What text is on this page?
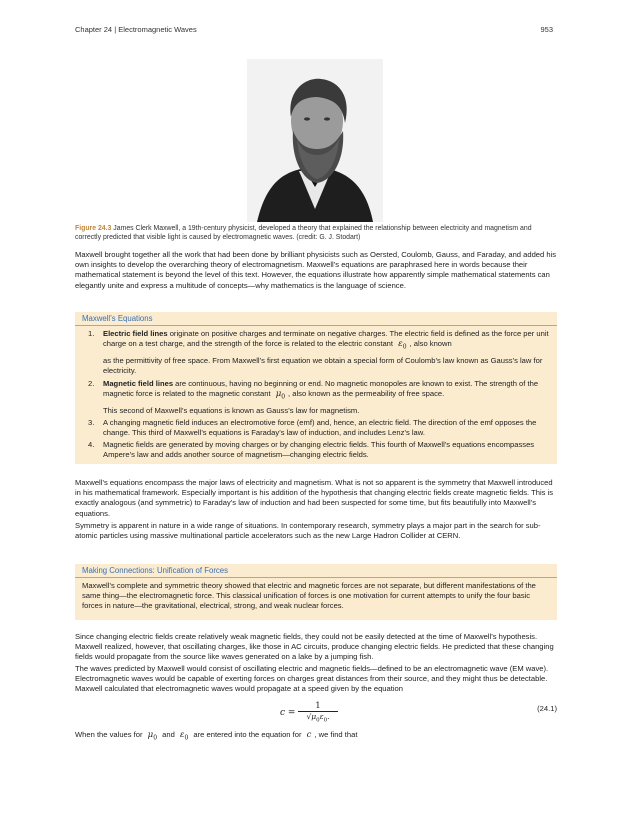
Chapter 24 | Electromagnetic Waves	953
Figure 24.3 James Clerk Maxwell, a 19th-century physicist, developed a theory that explained the relationship between electricity and magnetism and correctly predicted that visible light is caused by electromagnetic waves. (credit: G. J. Stodart)
Maxwell brought together all the work that had been done by brilliant physicists such as Oersted, Coulomb, Gauss, and Faraday, and added his own insights to develop the overarching theory of electromagnetism. Maxwell’s equations are paraphrased here in words because their mathematical statement is beyond the level of this text. However, the equations illustrate how apparently simple mathematical statements can elegantly unite and express a multitude of concepts—why mathematics is the language of science.
Maxwell’s Equations
1. Electric field lines originate on positive charges and terminate on negative charges. The electric field is defined as the force per unit charge on a test charge, and the strength of the force is related to the electric constant $\varepsilon_0$ , also known
as the permittivity of free space. From Maxwell’s first equation we obtain a special form of Coulomb’s law known as Gauss’s law for electricity.
2. Magnetic field lines are continuous, having no beginning or end. No magnetic monopoles are known to exist. The strength of the magnetic force is related to the magnetic constant $\mu_0$ , also known as the permeability of free space.
This second of Maxwell’s equations is known as Gauss’s law for magnetism.
3. A changing magnetic field induces an electromotive force (emf) and, hence, an electric field. The direction of the emf opposes the change. This third of Maxwell’s equations is Faraday’s law of induction, and includes Lenz’s law.
4. Magnetic fields are generated by moving charges or by changing electric fields. This fourth of Maxwell’s equations encompasses Ampere’s law and adds another source of magnetism—changing electric fields.
Maxwell’s equations encompass the major laws of electricity and magnetism. What is not so apparent is the symmetry that Maxwell introduced in his mathematical framework. Especially important is his addition of the hypothesis that changing electric fields create magnetic fields. This is exactly analogous (and symmetric) to Faraday’s law of induction and had been suspected for some time, but fits beautifully into Maxwell’s equations.
Symmetry is apparent in nature in a wide range of situations. In contemporary research, symmetry plays a major part in the search for sub-atomic particles using massive multinational particle accelerators such as the new Large Hadron Collider at CERN.
Making Connections: Unification of Forces
Maxwell’s complete and symmetric theory showed that electric and magnetic forces are not separate, but different manifestations of the same thing—the electromagnetic force. This classical unification of forces is one motivation for current attempts to unify the four basic forces in nature—the gravitational, electrical, strong, and weak nuclear forces.
Since changing electric fields create relatively weak magnetic fields, they could not be easily detected at the time of Maxwell’s hypothesis. Maxwell realized, however, that oscillating charges, like those in AC circuits, produce changing electric fields. He predicted that these changing fields would propagate from the source like waves generated on a lake by a jumping fish.
The waves predicted by Maxwell would consist of oscillating electric and magnetic fields—defined to be an electromagnetic wave (EM wave). Electromagnetic waves would be capable of exerting forces on charges great distances from their source, and they might thus be detectable. Maxwell calculated that electromagnetic waves would propagate at a speed given by the equation
$c = \frac{1}{√\mu_0\varepsilon_0.}$	(24.1)
When the values for $\mu_0$ and $\varepsilon_0$ are entered into the equation for c , we find that
